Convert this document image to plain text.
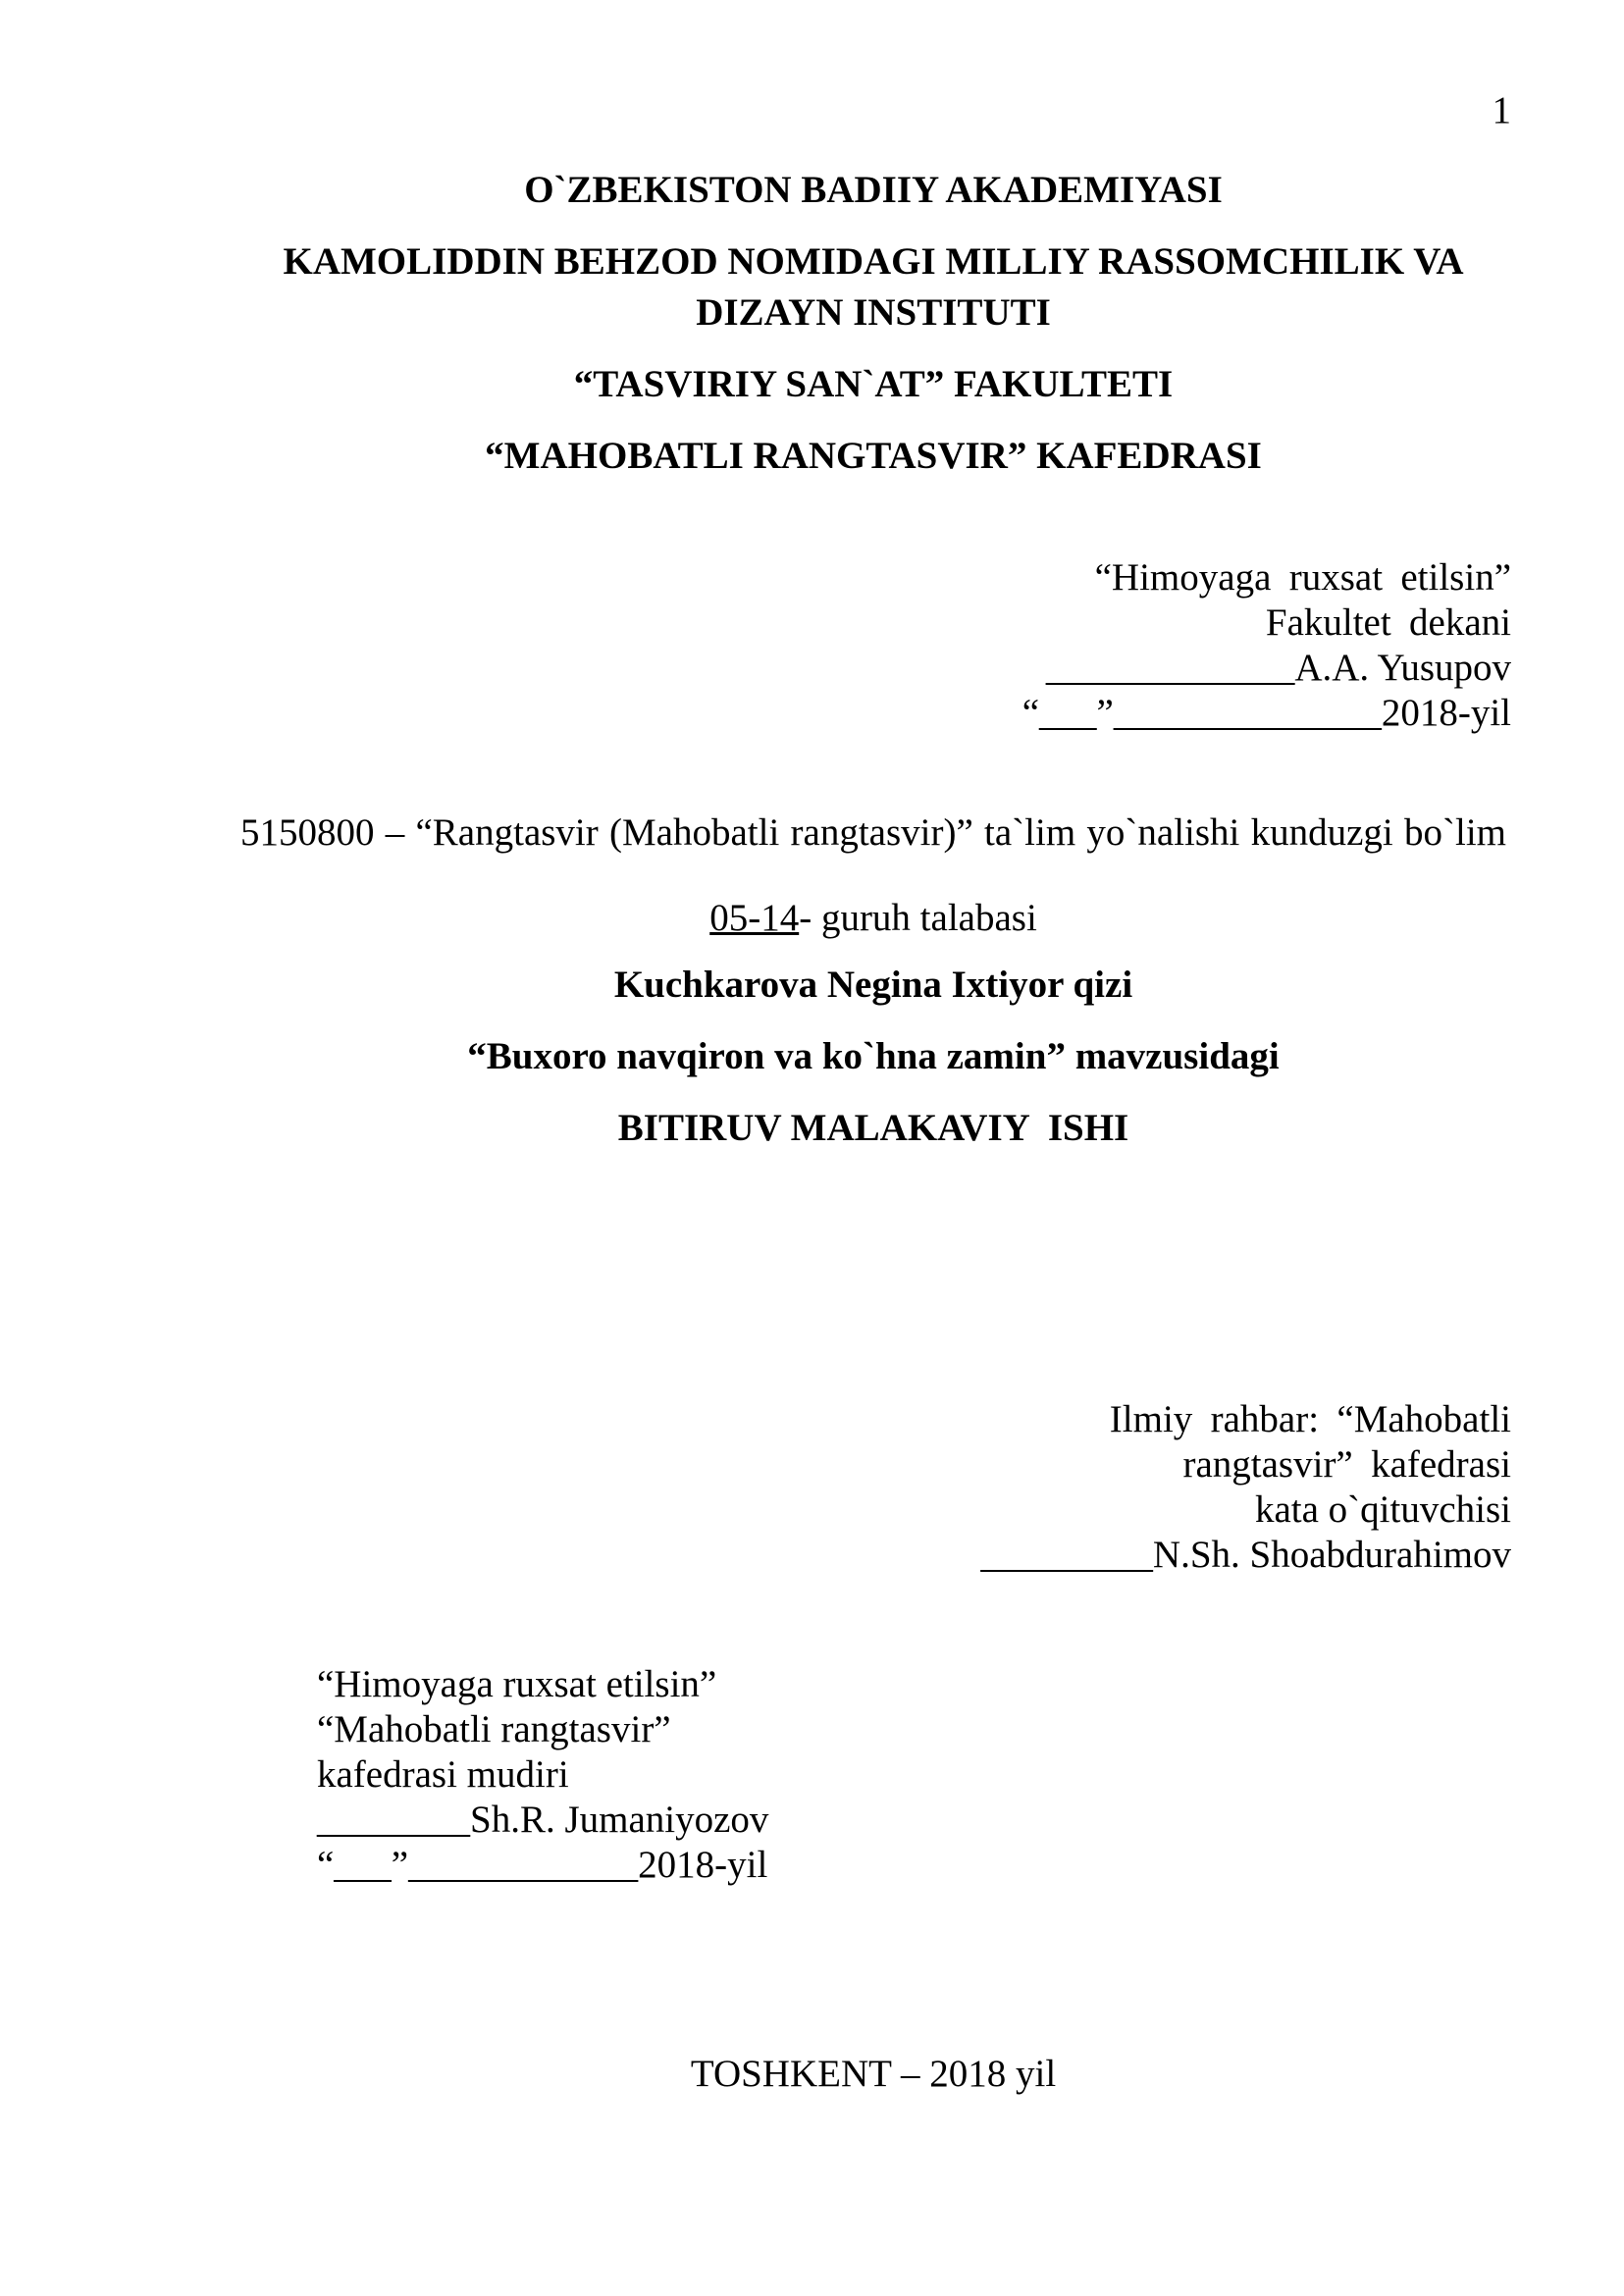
1
O`ZBEKISTON BADIIY AKADEMIYASI
KAMOLIDDIN BEHZOD NOMIDAGI MILLIY RASSOMCHILIK VA
DIZAYN INSTITUTI
“TASVIRIY SAN`AT” FAKULTETI
“MAHOBATLI RANGTASVIR” KAFEDRASI
“Himoyaga ruxsat etilsin”
Fakultet dekani
_____________A.A. Yusupov
“___”______________2018-yil
5150800 – “Rangtasvir (Mahobatli rangtasvir)” ta`lim yo`nalishi kunduzgi bo`lim
05-14- guruh talabasi
Kuchkarova Negina Ixtiyor qizi
“Buxoro navqiron va ko`hna zamin” mavzusidagi
BITIRUV MALAKAVIY  ISHI
Ilmiy rahbar: “Mahobatli
rangtasvir” kafedrasi
kata o`qituvchisi
_________N.Sh. Shoabdurahimov
“Himoyaga ruxsat etilsin”
“Mahobatli rangtasvir”
kafedrasi mudiri
________Sh.R. Jumaniyozov
“___”____________2018-yil
TOSHKENT – 2018 yil
